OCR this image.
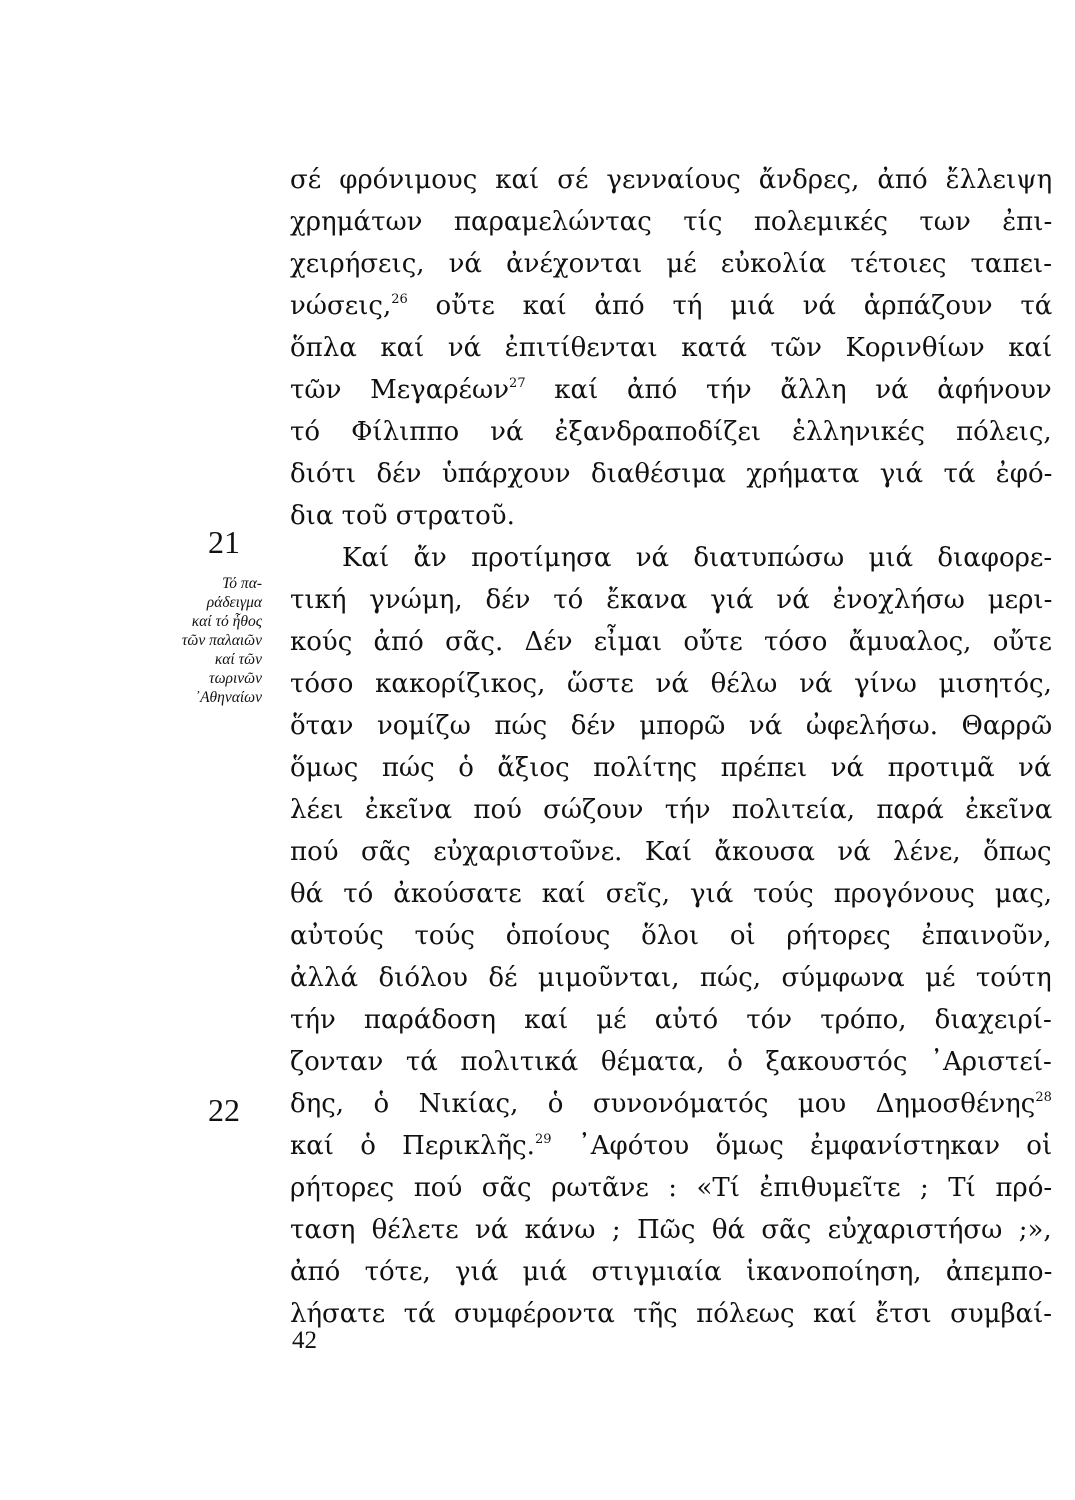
21
22
Τό πα-
ράδειγμα
καί τό ἦθος
τῶν παλαιῶν
καί τῶν
τωρινῶν
᾿Αθηναίων
σέ φρόνιμους καί σέ γενναίους ἄνδρες, ἀπό ἔλλειψη
χρημάτων παραμελώντας τίς πολεμικές των ἐπι-
χειρήσεις, νά ἀνέχονται μέ εὐκολία τέτοιες ταπει-
νώσεις,$^{26}$ οὔτε καί ἀπό τή μιά νά ἁρπάζουν τά
ὅπλα καί νά ἐπιτίθενται κατά τῶν Κορινθίων καί
τῶν Μεγαρέων$^{27}$ καί ἀπό τήν ἄλλη νά ἀφήνουν
τό Φίλιππο νά ἐξανδραποδίζει ἑλληνικές πόλεις,
διότι δέν ὑπάρχουν διαθέσιμα χρήματα γιά τά ἐφό-
δια τοῦ στρατοῦ.
Καί ἄν προτίμησα νά διατυπώσω μιά διαφορε-
τική γνώμη, δέν τό ἔκανα γιά νά ἐνοχλήσω μερι-
κούς ἀπό σᾶς. Δέν εἶμαι οὔτε τόσο ἄμυαλος, οὔτε
τόσο κακορίζικος, ὥστε νά θέλω νά γίνω μισητός,
ὅταν νομίζω πώς δέν μπορῶ νά ὠφελήσω. Θαρρῶ
ὅμως πώς ὁ ἄξιος πολίτης πρέπει νά προτιμᾶ νά
λέει ἐκεῖνα πού σώζουν τήν πολιτεία, παρά ἐκεῖνα
πού σᾶς εὐχαριστοῦνε. Καί ἄκουσα νά λένε, ὅπως
θά τό ἀκούσατε καί σεῖς, γιά τούς προγόνους μας,
αὐτούς τούς ὁποίους ὅλοι οἱ ρήτορες ἐπαινοῦν,
ἀλλά διόλου δέ μιμοῦνται, πώς, σύμφωνα μέ τούτη
τήν παράδοση καί μέ αὐτό τόν τρόπο, διαχειρί-
ζονταν τά πολιτικά θέματα, ὁ ξακουστός ᾿Αριστεί-
δης, ὁ Νικίας, ὁ συνονόματός μου Δημοσθένης$^{28}$
καί ὁ Περικλῆς.$^{29}$ ᾿Αφότου ὅμως ἐμφανίστηκαν οἱ
ρήτορες πού σᾶς ρωτᾶνε : «Τί ἐπιθυμεῖτε ; Τί πρό-
ταση θέλετε νά κάνω ; Πῶς θά σᾶς εὐχαριστήσω ;»,
ἀπό τότε, γιά μιά στιγμιαία ἱκανοποίηση, ἀπεμπο-
λήσατε τά συμφέροντα τῆς πόλεως καί ἔτσι συμβαί-
42
